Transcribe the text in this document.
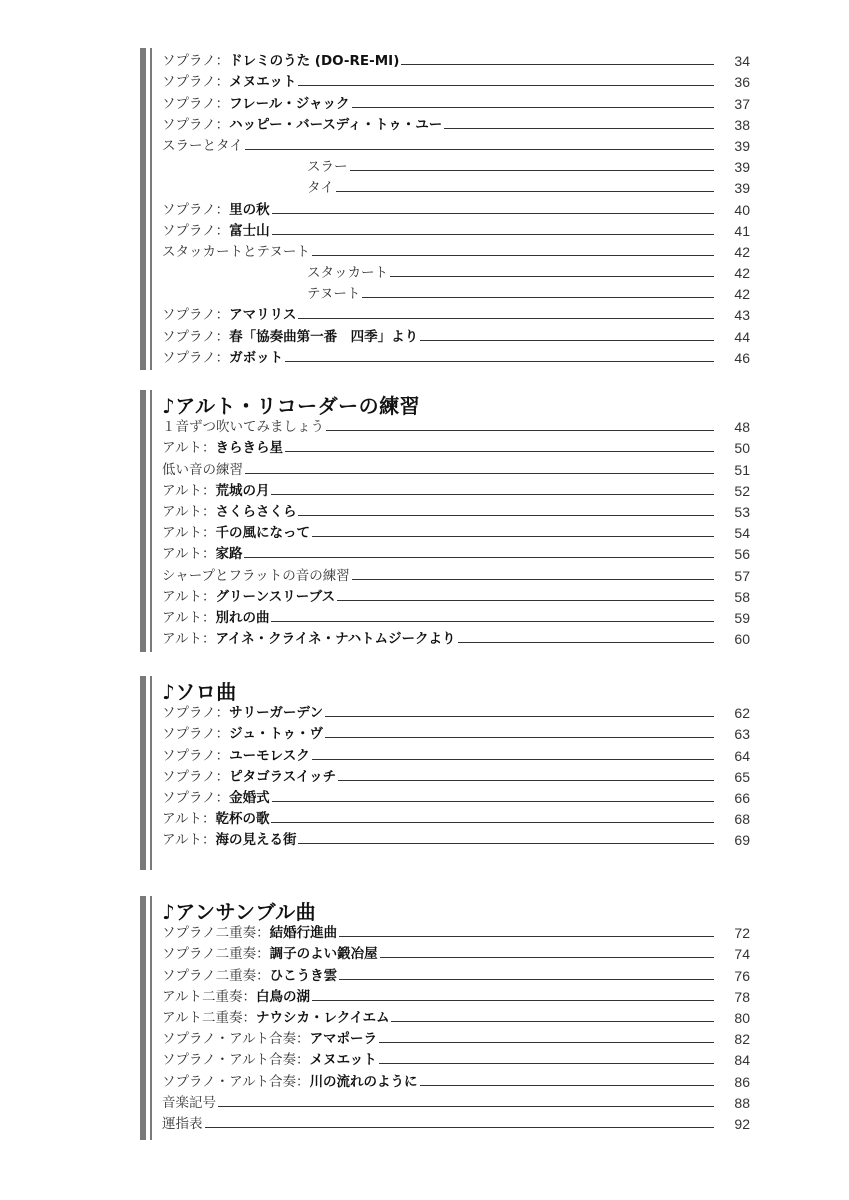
ソプラノ： ドレミのうた (DO-RE-MI)	34
ソプラノ： メヌエット	36
ソプラノ： フレール・ジャック	37
ソプラノ： ハッピー・バースディ・トゥ・ユー	38
スラーとタイ	39
スラー	39
タイ	39
ソプラノ： 里の秋	40
ソプラノ： 富士山	41
スタッカートとテヌート	42
スタッカート	42
テヌート	42
ソプラノ： アマリリス	43
ソプラノ： 春「協奏曲第一番　四季」より	44
ソプラノ： ガボット	46
♪アルト・リコーダーの練習
１音ずつ吹いてみましょう	48
アルト： きらきら星	50
低い音の練習	51
アルト： 荒城の月	52
アルト： さくらさくら	53
アルト： 千の風になって	54
アルト： 家路	56
シャープとフラットの音の練習	57
アルト： グリーンスリーブス	58
アルト： 別れの曲	59
アルト： アイネ・クライネ・ナハトムジークより	60
♪ソロ曲
ソプラノ： サリーガーデン	62
ソプラノ： ジュ・トゥ・ヴ	63
ソプラノ： ユーモレスク	64
ソプラノ： ピタゴラスイッチ	65
ソプラノ： 金婚式	66
アルト： 乾杯の歌	68
アルト： 海の見える街	69
♪アンサンブル曲
ソプラノ二重奏： 結婚行進曲	72
ソプラノ二重奏： 調子のよい鍛冶屋	74
ソプラノ二重奏： ひこうき雲	76
アルト二重奏： 白鳥の湖	78
アルト二重奏： ナウシカ・レクイエム	80
ソプラノ・アルト合奏： アマポーラ	82
ソプラノ・アルト合奏： メヌエット	84
ソプラノ・アルト合奏： 川の流れのように	86
音楽記号	88
運指表	92
